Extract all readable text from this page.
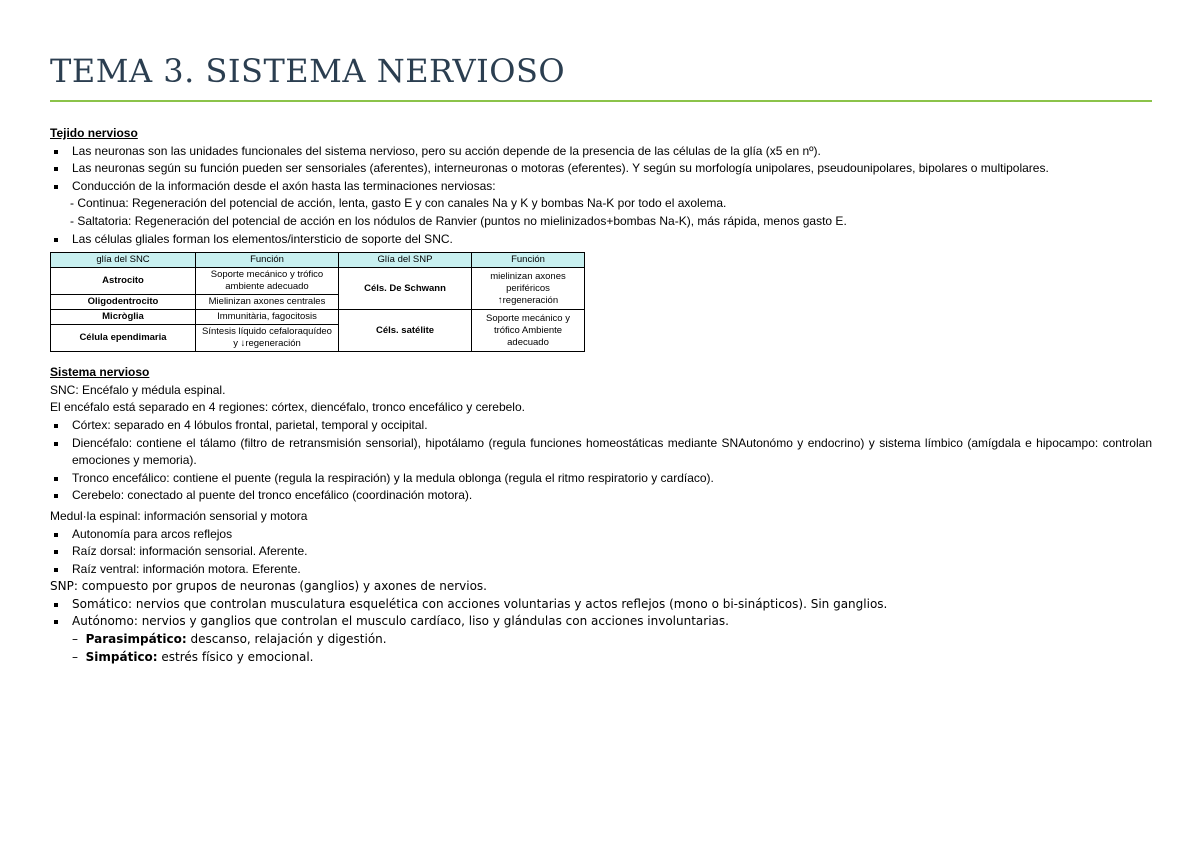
TEMA 3. SISTEMA NERVIOSO
Tejido nervioso
Las neuronas son las unidades funcionales del sistema nervioso, pero su acción depende de la presencia de las células de la glía (x5 en nº).
Las neuronas según su función pueden ser sensoriales (aferentes), interneuronas o motoras (eferentes). Y según su morfología unipolares, pseudounipolares, bipolares o multipolares.
Conducción de la información desde el axón hasta las terminaciones nerviosas:
- Continua: Regeneración del potencial de acción, lenta, gasto E y con canales Na y K y bombas Na-K por todo el axolema.
- Saltatoria: Regeneración del potencial de acción en los nódulos de Ranvier (puntos no mielinizados+bombas Na-K), más rápida, menos gasto E.
Las células gliales forman los elementos/intersticio de soporte del SNC.
glía del SNC	Función	Glía del SNP	Función
Astrocito	Soporte mecánico y trófico ambiente adecuado	Céls. De Schwann	mielinizan axones periféricos ↑regeneración
Oligodentrocito	Mielinizan axones centrales		
Micròglia	Immunitària, fagocitosis	Céls. satélite	Soporte mecánico y trófico Ambiente adecuado
Célula ependimaria	Síntesis líquido cefaloraquídeo y ↓regeneración		
Sistema nervioso
SNC: Encéfalo y médula espinal.
El encéfalo está separado en 4 regiones: córtex, diencéfalo, tronco encefálico y cerebelo.
Córtex: separado en 4 lóbulos frontal, parietal, temporal y occipital.
Diencéfalo: contiene el tálamo (filtro de retransmisión sensorial), hipotálamo (regula funciones homeostáticas mediante SNAutonómo y endocrino) y sistema límbico (amígdala e hipocampo: controlan emociones y memoria).
Tronco encefálico: contiene el puente (regula la respiración) y la medula oblonga (regula el ritmo respiratorio y cardíaco).
Cerebelo: conectado al puente del tronco encefálico (coordinación motora).
Medul·la espinal: información sensorial y motora
Autonomía para arcos reflejos
Raíz dorsal: información sensorial. Aferente.
Raíz ventral: información motora. Eferente.
SNP: compuesto por grupos de neuronas (ganglios) y axones de nervios.
Somático: nervios que controlan musculatura esquelética con acciones voluntarias y actos reflejos (mono o bi-sinápticos). Sin ganglios.
Autónomo: nervios y ganglios que controlan el musculo cardíaco, liso y glándulas con acciones involuntarias.
– Parasimpático: descanso, relajación y digestión.
– Simpático: estrés físico y emocional.
